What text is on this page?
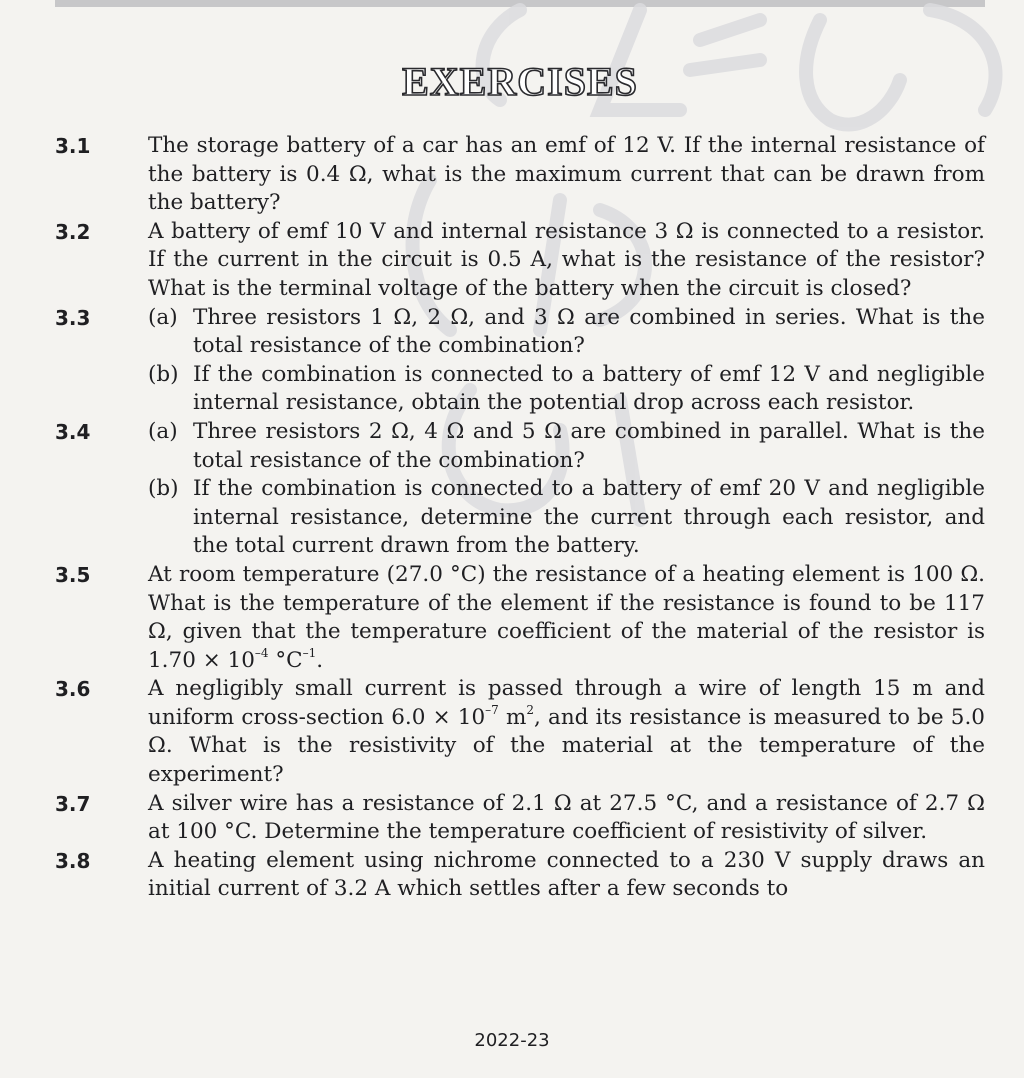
EXERCISES
3.1	The storage battery of a car has an emf of 12 V. If the internal resistance of the battery is 0.4 Ω, what is the maximum current that can be drawn from the battery?

3.2	A battery of emf 10 V and internal resistance 3 Ω is connected to a resistor. If the current in the circuit is 0.5 A, what is the resistance of the resistor? What is the terminal voltage of the battery when the circuit is closed?

3.3	(a) Three resistors 1 Ω, 2 Ω, and 3 Ω are combined in series. What is the total resistance of the combination?
(b) If the combination is connected to a battery of emf 12 V and negligible internal resistance, obtain the potential drop across each resistor.
3.4	(a) Three resistors 2 Ω, 4 Ω and 5 Ω are combined in parallel. What is the total resistance of the combination?
(b) If the combination is connected to a battery of emf 20 V and negligible internal resistance, determine the current through each resistor, and the total current drawn from the battery.
3.5	At room temperature (27.0 °C) the resistance of a heating element is 100 Ω. What is the temperature of the element if the resistance is found to be 117 Ω, given that the temperature coefficient of the material of the resistor is $1.70 \times 10^{-4}$ $^\circ C^{-1}$.

3.6	A negligibly small current is passed through a wire of length 15 m and uniform cross-section $6.0 \times 10^{-7}$ $m^2$, and its resistance is measured to be 5.0 Ω. What is the resistivity of the material at the temperature of the experiment?

3.7	A silver wire has a resistance of 2.1 Ω at 27.5 °C, and a resistance of 2.7 Ω at 100 °C. Determine the temperature coefficient of resistivity of silver.

3.8	A heating element using nichrome connected to a 230 V supply draws an initial current of 3.2 A which settles after a few seconds to

2022-23
